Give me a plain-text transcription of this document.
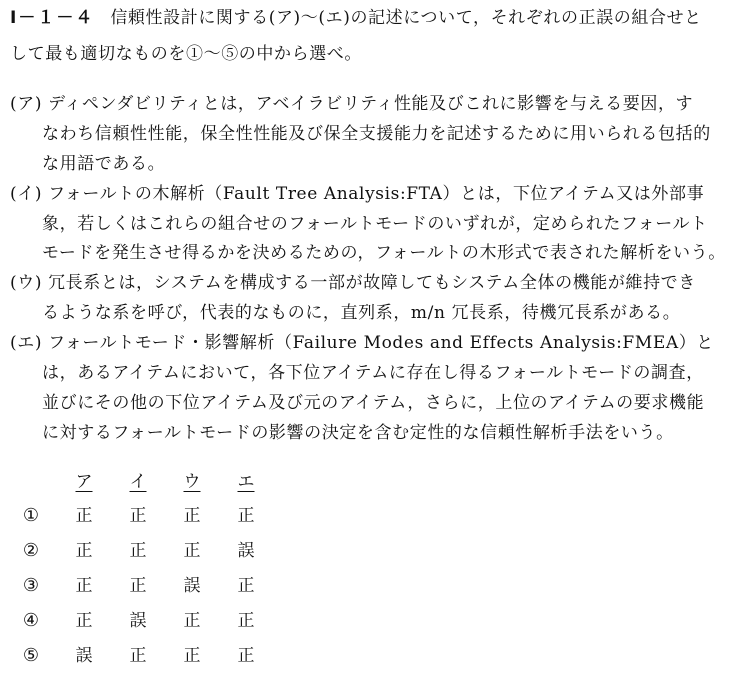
Ⅰ－１－４ 信頼性設計に関する(ア)～(エ)の記述について，それぞれの正誤の組合せと
して最も適切なものを①～⑤の中から選べ。
(ア) ディペンダビリティとは，アベイラビリティ性能及びこれに影響を与える要因，す
なわち信頼性性能，保全性性能及び保全支援能力を記述するために用いられる包括的
な用語である。
(イ) フォールトの木解析（Fault Tree Analysis:FTA）とは，下位アイテム又は外部事
象，若しくはこれらの組合せのフォールトモードのいずれが，定められたフォールト
モードを発生させ得るかを決めるための，フォールトの木形式で表された解析をいう。
(ウ) 冗長系とは，システムを構成する一部が故障してもシステム全体の機能が維持でき
るような系を呼び，代表的なものに，直列系，m/n 冗長系，待機冗長系がある。
(エ) フォールトモード・影響解析（Failure Modes and Effects Analysis:FMEA）と
は，あるアイテムにおいて，各下位アイテムに存在し得るフォールトモードの調査，
並びにその他の下位アイテム及び元のアイテム，さらに，上位のアイテムの要求機能
に対するフォールトモードの影響の決定を含む定性的な信頼性解析手法をいう。
ア	イ	ウ	エ
①	正	正	正	正
②	正	正	正	誤
③	正	正	誤	正
④	正	誤	正	正
⑤	誤	正	正	正
